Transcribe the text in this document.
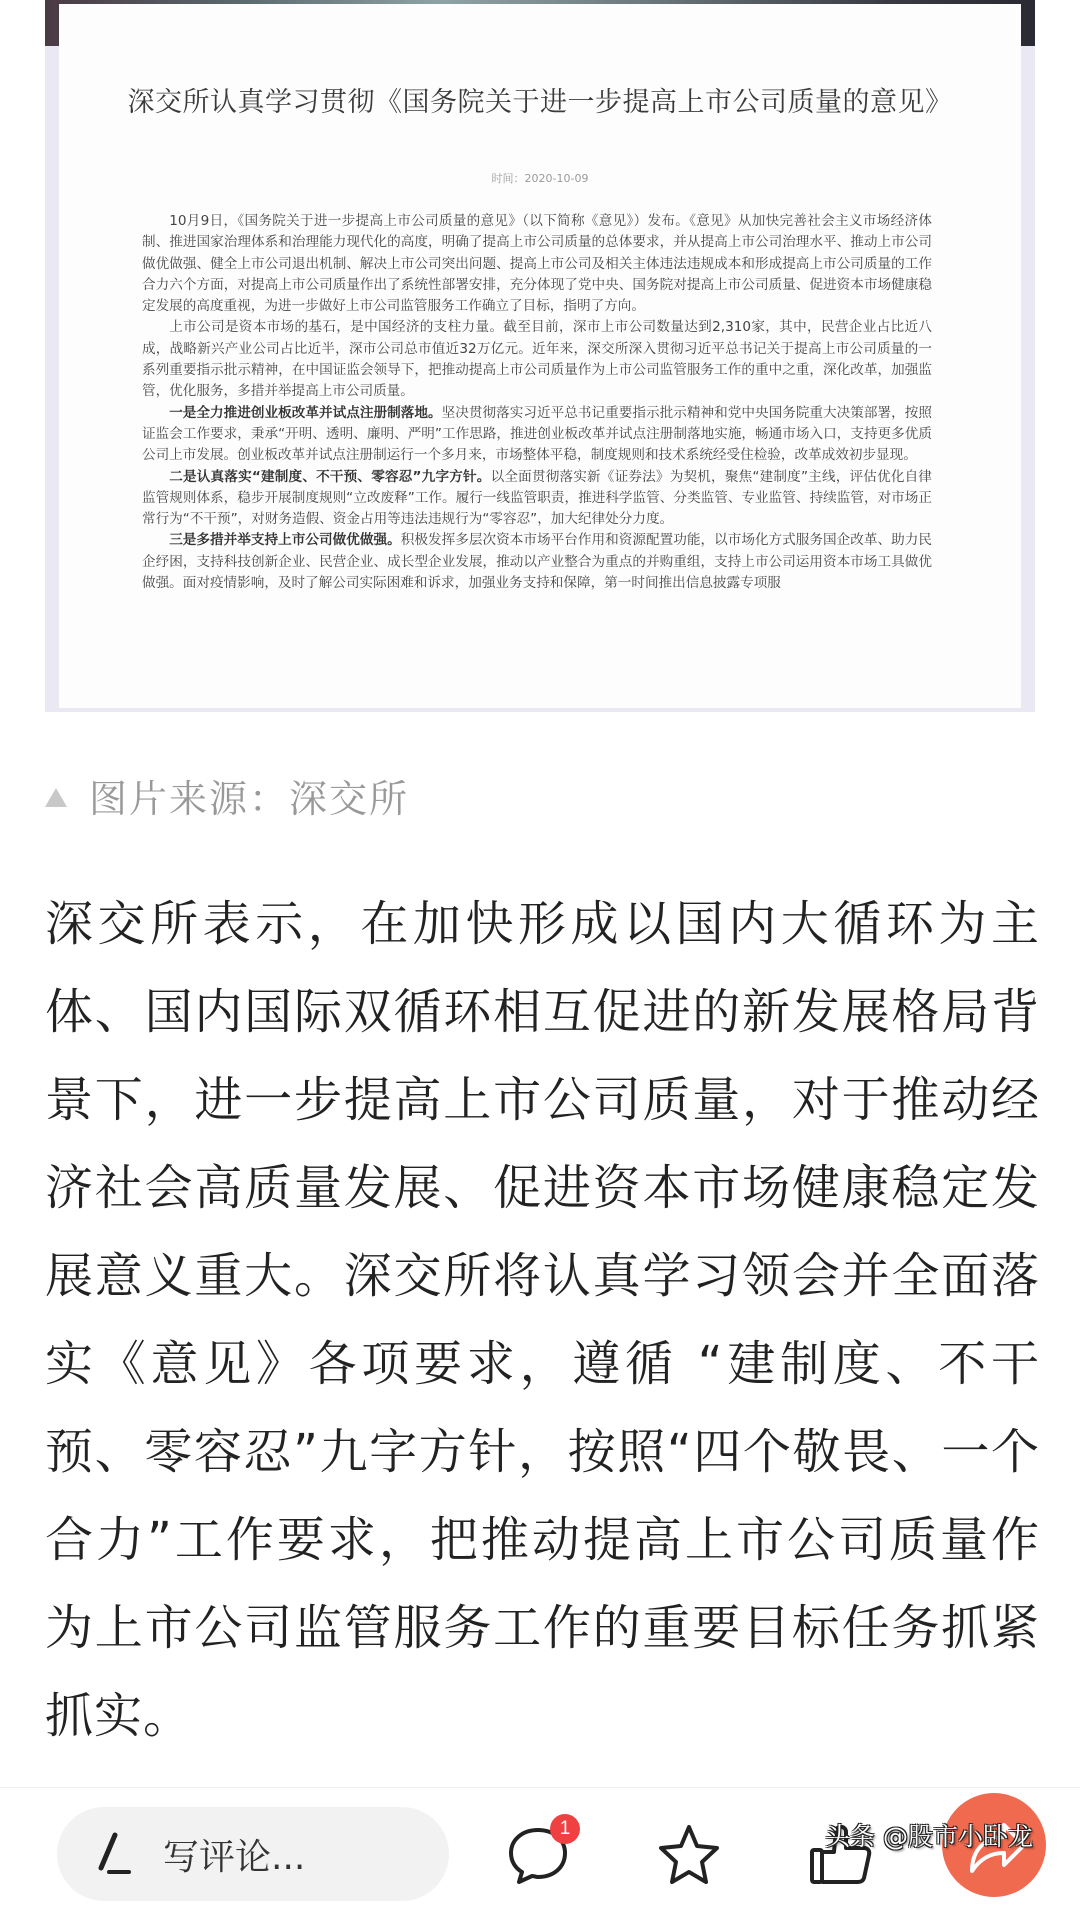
深交所认真学习贯彻《国务院关于进一步提高上市公司质量的意见》
时间：2020-10-09

10月9日，《国务院关于进一步提高上市公司质量的意见》（以下简称《意见》）发布。《意见》从加快完善社会主义市场经济体制、推进国家治理体系和治理能力现代化的高度，明确了提高上市公司质量的总体要求，并从提高上市公司治理水平、推动上市公司做优做强、健全上市公司退出机制、解决上市公司突出问题、提高上市公司及相关主体违法违规成本和形成提高上市公司质量的工作合力六个方面，对提高上市公司质量作出了系统性部署安排，充分体现了党中央、国务院对提高上市公司质量、促进资本市场健康稳定发展的高度重视，为进一步做好上市公司监管服务工作确立了目标，指明了方向。

上市公司是资本市场的基石，是中国经济的支柱力量。截至目前，深市上市公司数量达到2,310家，其中，民营企业占比近八成，战略新兴产业公司占比近半，深市公司总市值近32万亿元。近年来，深交所深入贯彻习近平总书记关于提高上市公司质量的一系列重要指示批示精神，在中国证监会领导下，把推动提高上市公司质量作为上市公司监管服务工作的重中之重，深化改革，加强监管，优化服务，多措并举提高上市公司质量。

一是全力推进创业板改革并试点注册制落地。坚决贯彻落实习近平总书记重要指示批示精神和党中央国务院重大决策部署，按照证监会工作要求，秉承“开明、透明、廉明、严明”工作思路，推进创业板改革并试点注册制落地实施，畅通市场入口，支持更多优质公司上市发展。创业板改革并试点注册制运行一个多月来，市场整体平稳，制度规则和技术系统经受住检验，改革成效初步显现。

二是认真落实“建制度、不干预、零容忍”九字方针。以全面贯彻落实新《证券法》为契机，聚焦“建制度”主线，评估优化自律监管规则体系，稳步开展制度规则“立改废释”工作。履行一线监管职责，推进科学监管、分类监管、专业监管、持续监管，对市场正常行为“不干预”，对财务造假、资金占用等违法违规行为“零容忍”，加大纪律处分力度。

三是多措并举支持上市公司做优做强。积极发挥多层次资本市场平台作用和资源配置功能，以市场化方式服务国企改革、助力民企纾困，支持科技创新企业、民营企业、成长型企业发展，推动以产业整合为重点的并购重组，支持上市公司运用资本市场工具做优做强。面对疫情影响，及时了解公司实际困难和诉求，加强业务支持和保障，第一时间推出信息披露专项服

图片来源：深交所

深交所表示，在加快形成以国内大循环为主体、国内国际双循环相互促进的新发展格局背景下，进一步提高上市公司质量，对于推动经济社会高质量发展、促进资本市场健康稳定发展意义重大。深交所将认真学习领会并全面落实《意见》各项要求，遵循 “建制度、不干预、零容忍”九字方针，按照“四个敬畏、一个合力”工作要求，把推动提高上市公司质量作为上市公司监管服务工作的重要目标任务抓紧抓实。

写评论...
1	头条 @股市小卧龙
